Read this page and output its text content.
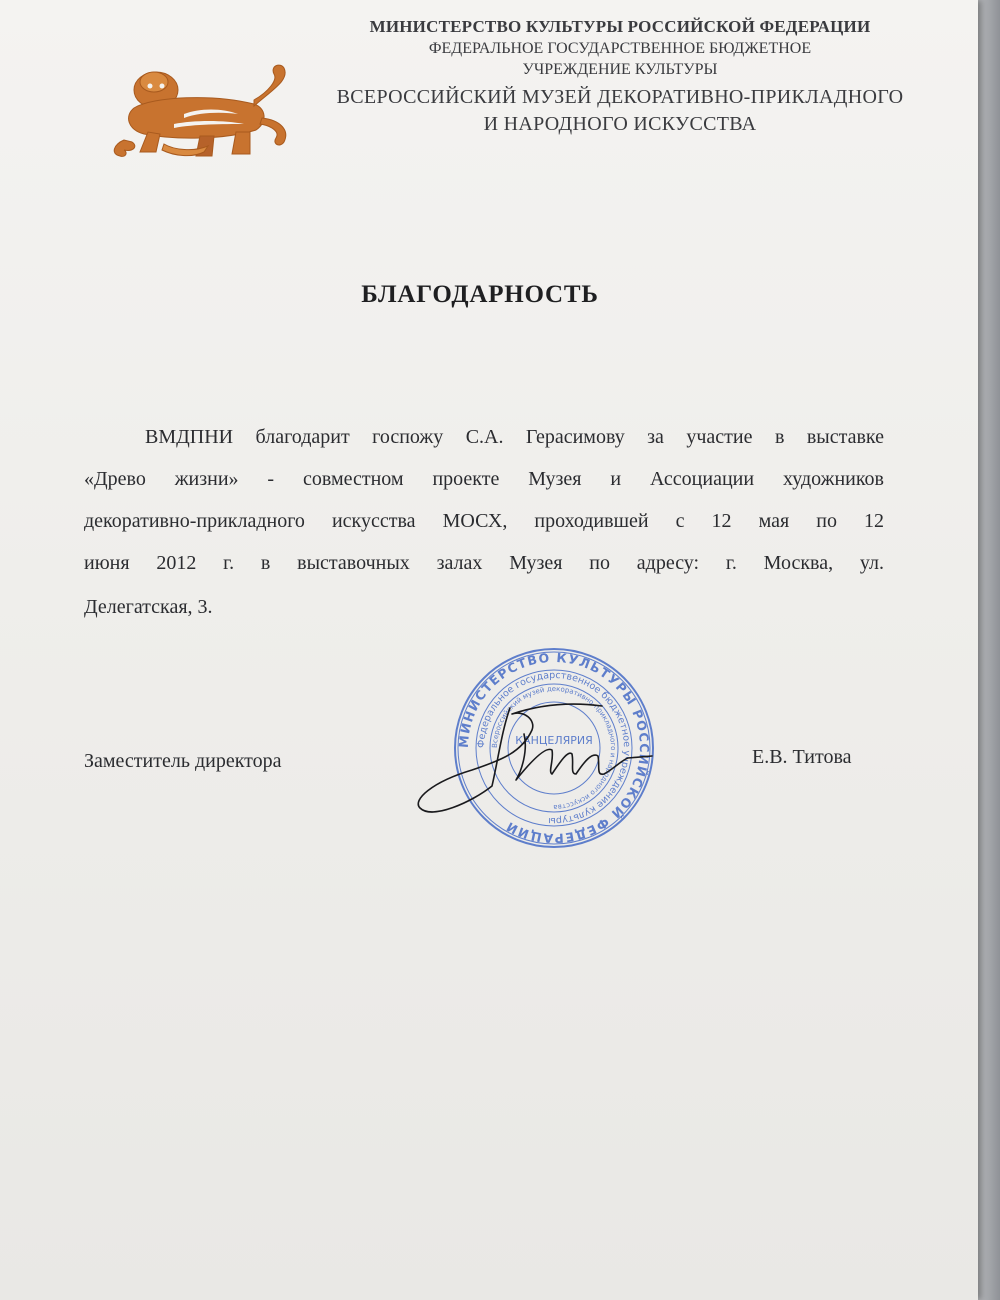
МИНИСТЕРСТВО КУЛЬТУРЫ РОССИЙСКОЙ ФЕДЕРАЦИИ
ФЕДЕРАЛЬНОЕ ГОСУДАРСТВЕННОЕ БЮДЖЕТНОЕ
УЧРЕЖДЕНИЕ КУЛЬТУРЫ
ВСЕРОССИЙСКИЙ МУЗЕЙ ДЕКОРАТИВНО-ПРИКЛАДНОГО
И НАРОДНОГО ИСКУССТВА
БЛАГОДАРНОСТЬ
ВМДПНИ благодарит госпожу С.А. Герасимову за участие в выставке
«Древо жизни» - совместном проекте Музея и Ассоциации художников
декоративно-прикладного искусства МОСХ, проходившей с 12 мая по 12
июня 2012 г. в выставочных залах Музея по адресу: г. Москва, ул.
Делегатская, 3.
Заместитель директора	Е.В. Титова
МИНИСТЕРСТВО КУЛЬТУРЫ РОССИЙСКОЙ ФЕДЕРАЦИИ
Федеральное государственное бюджетное учреждение культуры
Всероссийский музей декоративно-прикладного и народного искусства
КАНЦЕЛЯРИЯ
